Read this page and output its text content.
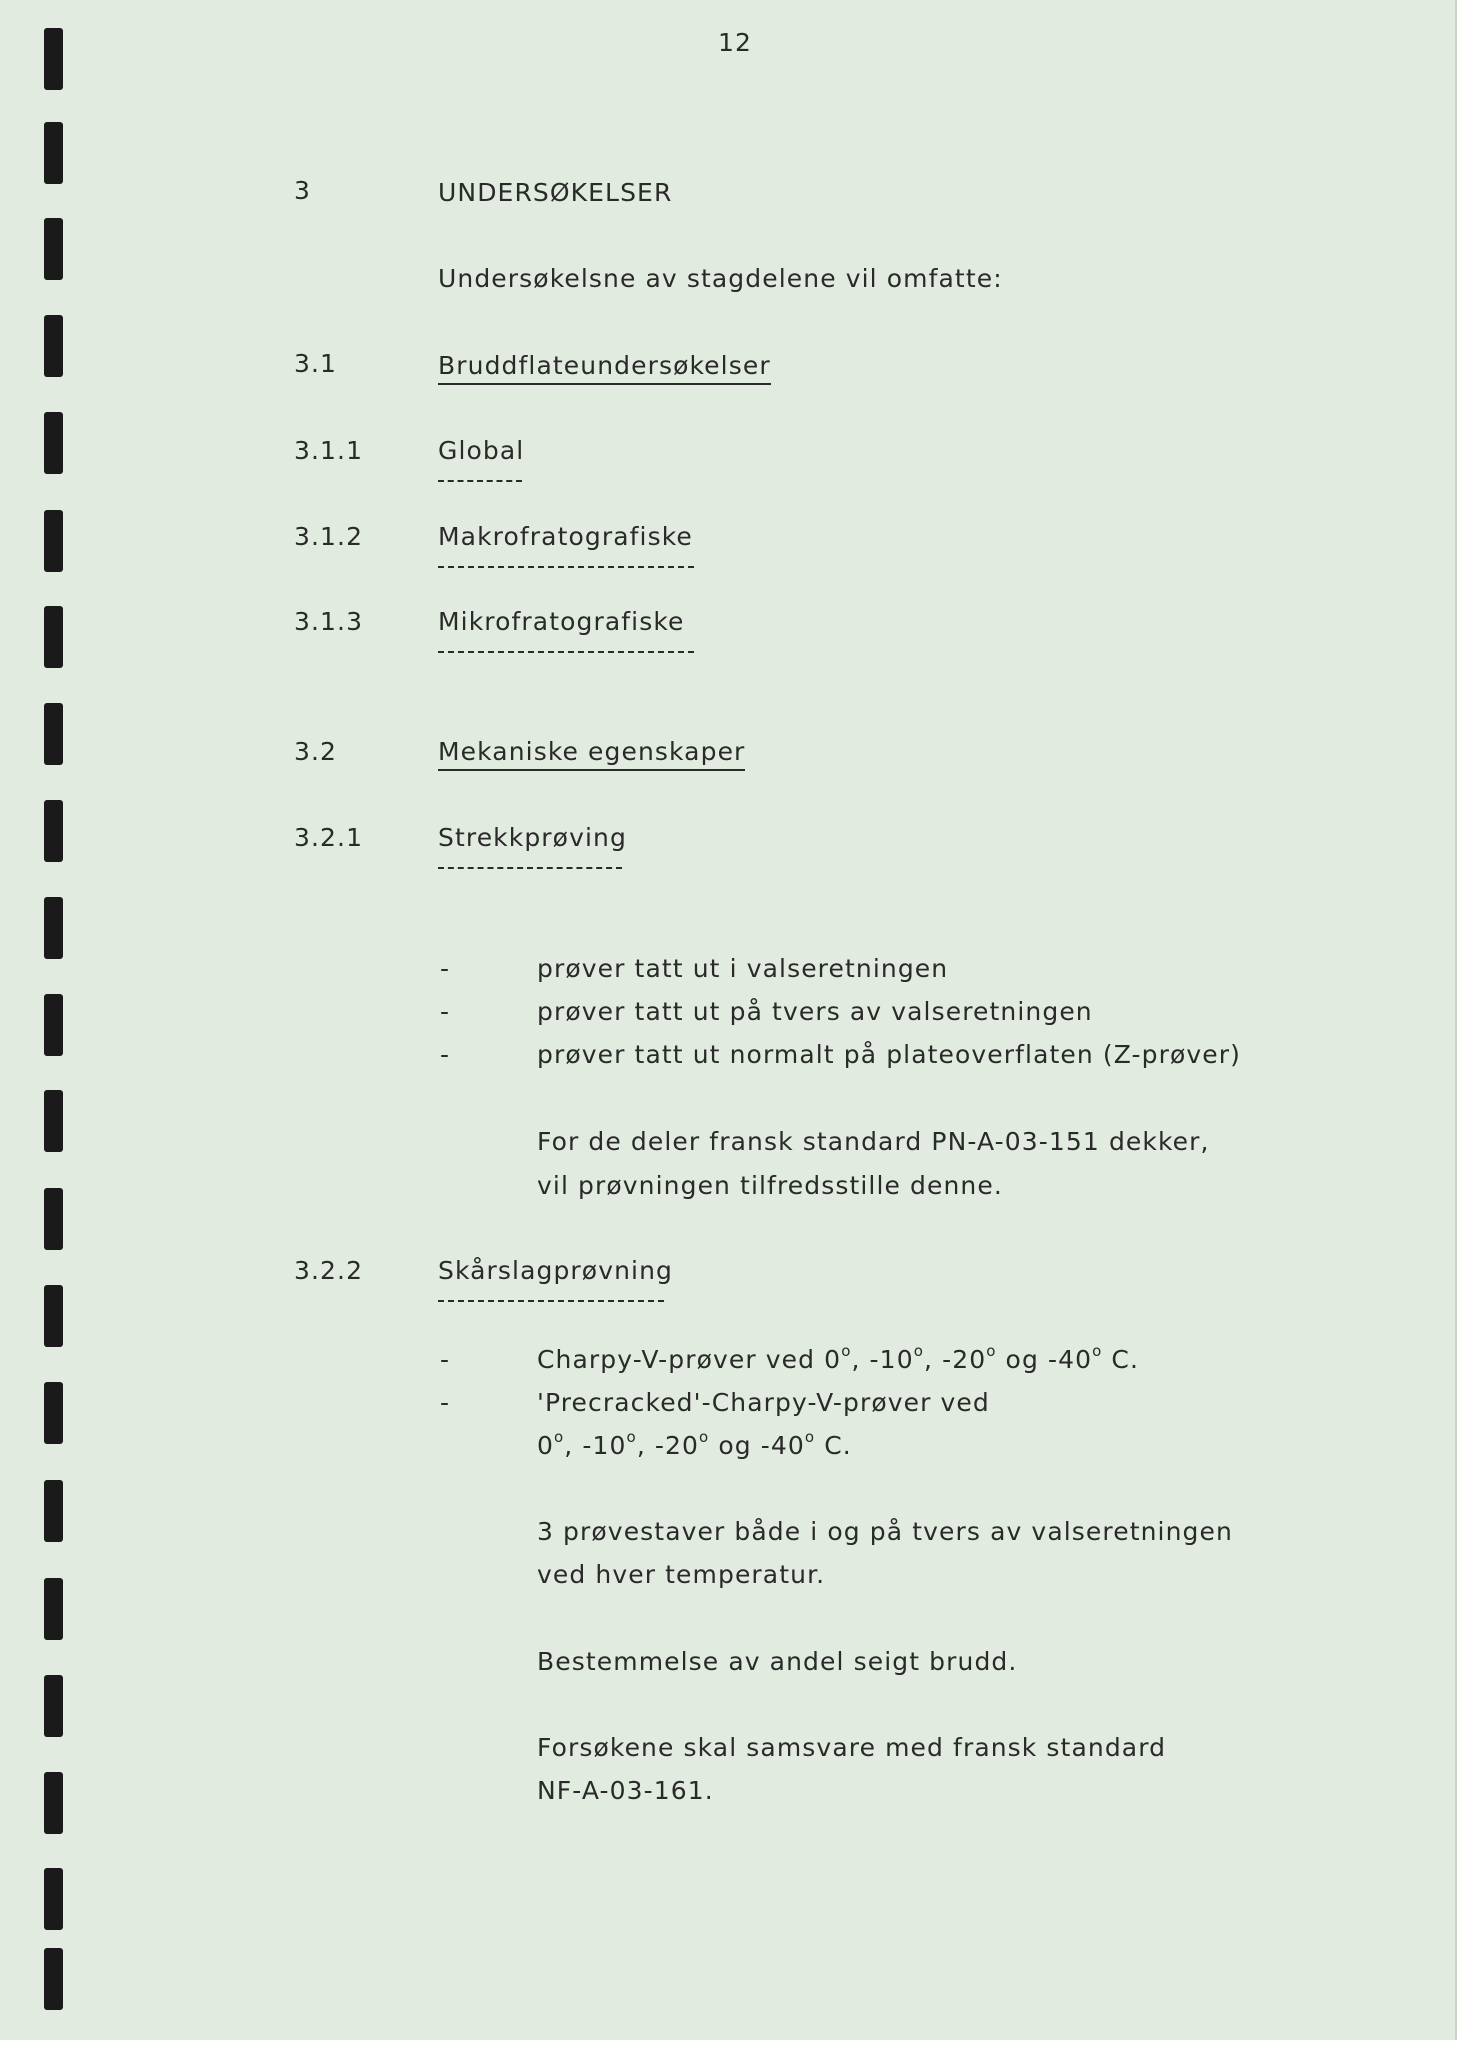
12
3	UNDERSØKELSER
Undersøkelsne av stagdelene vil omfatte:
3.1	Bruddflateundersøkelser
3.1.1	Global
3.1.2	Makrofratografiske
3.1.3	Mikrofratografiske
3.2	Mekaniske egenskaper
3.2.1	Strekkprøving
-	prøver tatt ut i valseretningen
-	prøver tatt ut på tvers av valseretningen
-	prøver tatt ut normalt på plateoverflaten (Z-prøver)
For de deler fransk standard PN-A-03-151 dekker,
vil prøvningen tilfredsstille denne.
3.2.2	Skårslagprøvning
-	Charpy-V-prøver ved 0$^o$, -10$^o$, -20$^o$ og -40$^o$ C.
-	'Precracked'-Charpy-V-prøver ved
0$^o$, -10$^o$, -20$^o$ og -40$^o$ C.
3 prøvestaver både i og på tvers av valseretningen
ved hver temperatur.
Bestemmelse av andel seigt brudd.
Forsøkene skal samsvare med fransk standard
NF-A-03-161.
